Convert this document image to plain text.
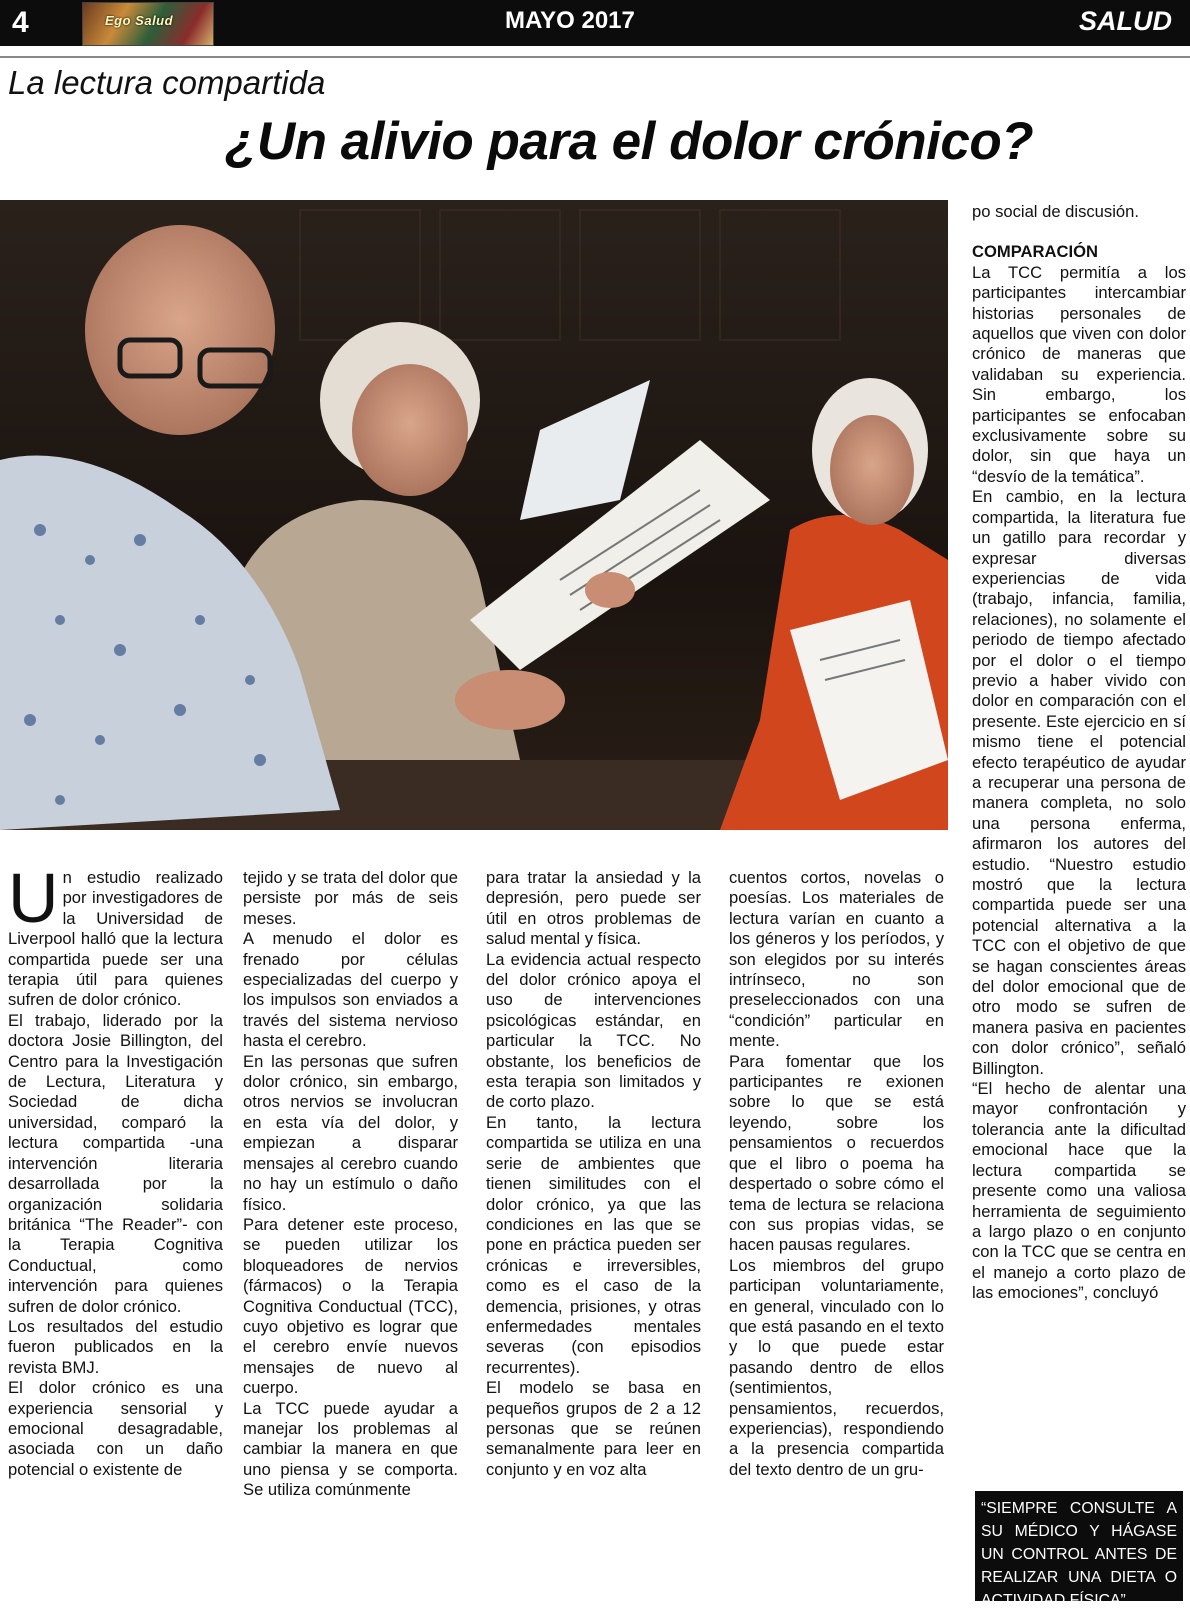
4	Ego Salud	MAYO 2017	SALUD
La lectura compartida
¿Un alivio para el dolor crónico?
U n estudio realizado por investigadores de la Universidad de Liverpool halló que la lectura compartida puede ser una terapia útil para quienes sufren de dolor crónico.

El trabajo, liderado por la doctora Josie Billington, del Centro para la Investigación de Lectura, Literatura y Sociedad de dicha universidad, comparó la lectura compartida -una intervención literaria desarrollada por la organización solidaria británica “The Reader”- con la Terapia Cognitiva Conductual, como intervención para quienes sufren de dolor crónico.

Los resultados del estudio fueron publicados en la revista BMJ.

El dolor crónico es una experiencia sensorial y emocional desagradable, asociada con un daño potencial o existente de

tejido y se trata del dolor que persiste por más de seis meses.

A menudo el dolor es frenado por células especializadas del cuerpo y los impulsos son enviados a través del sistema nervioso hasta el cerebro.

En las personas que sufren dolor crónico, sin embargo, otros nervios se involucran en esta vía del dolor, y empiezan a disparar mensajes al cerebro cuando no hay un estímulo o daño físico.

Para detener este proceso, se pueden utilizar los bloqueadores de nervios (fármacos) o la Terapia Cognitiva Conductual (TCC), cuyo objetivo es lograr que el cerebro envíe nuevos mensajes de nuevo al cuerpo.

La TCC puede ayudar a manejar los problemas al cambiar la manera en que uno piensa y se comporta. Se utiliza comúnmente

para tratar la ansiedad y la depresión, pero puede ser útil en otros problemas de salud mental y física.

La evidencia actual respecto del dolor crónico apoya el uso de intervenciones psicológicas estándar, en particular la TCC. No obstante, los beneficios de esta terapia son limitados y de corto plazo.

En tanto, la lectura compartida se utiliza en una serie de ambientes que tienen similitudes con el dolor crónico, ya que las condiciones en las que se pone en práctica pueden ser crónicas e irreversibles, como es el caso de la demencia, prisiones, y otras enfermedades mentales severas (con episodios recurrentes).

El modelo se basa en pequeños grupos de 2 a 12 personas que se reúnen semanalmente para leer en conjunto y en voz alta

cuentos cortos, novelas o poesías. Los materiales de lectura varían en cuanto a los géneros y los períodos, y son elegidos por su interés intrínseco, no son preseleccionados con una “condición” particular en mente.

Para fomentar que los participantes re exionen sobre lo que se está leyendo, sobre los pensamientos o recuerdos que el libro o poema ha despertado o sobre cómo el tema de lectura se relaciona con sus propias vidas, se hacen pausas regulares.

Los miembros del grupo participan voluntariamente, en general, vinculado con lo que está pasando en el texto y lo que puede estar pasando dentro de ellos (sentimientos, pensamientos, recuerdos, experiencias), respondiendo a la presencia compartida del texto dentro de un gru-

po social de discusión.

COMPARACIÓN

La TCC permitía a los participantes intercambiar historias personales de aquellos que viven con dolor crónico de maneras que validaban su experiencia. Sin embargo, los participantes se enfocaban exclusivamente sobre su dolor, sin que haya un “desvío de la temática”.

En cambio, en la lectura compartida, la literatura fue un gatillo para recordar y expresar diversas experiencias de vida (trabajo, infancia, familia, relaciones), no solamente el periodo de tiempo afectado por el dolor o el tiempo previo a haber vivido con dolor en comparación con el presente. Este ejercicio en sí mismo tiene el potencial efecto terapéutico de ayudar a recuperar una persona de manera completa, no solo una persona enferma, afirmaron los autores del estudio. “Nuestro estudio mostró que la lectura compartida puede ser una potencial alternativa a la TCC con el objetivo de que se hagan conscientes áreas del dolor emocional que de otro modo se sufren de manera pasiva en pacientes con dolor crónico”, señaló Billington.

“El hecho de alentar una mayor confrontación y tolerancia ante la dificultad emocional hace que la lectura compartida se presente como una valiosa herramienta de seguimiento a largo plazo o en conjunto con la TCC que se centra en el manejo a corto plazo de las emociones”, concluyó

“SIEMPRE CONSULTE A SU MÉDICO Y HÁGASE UN CONTROL ANTES DE REALIZAR UNA DIETA O ACTIVIDAD FÍSICA”
